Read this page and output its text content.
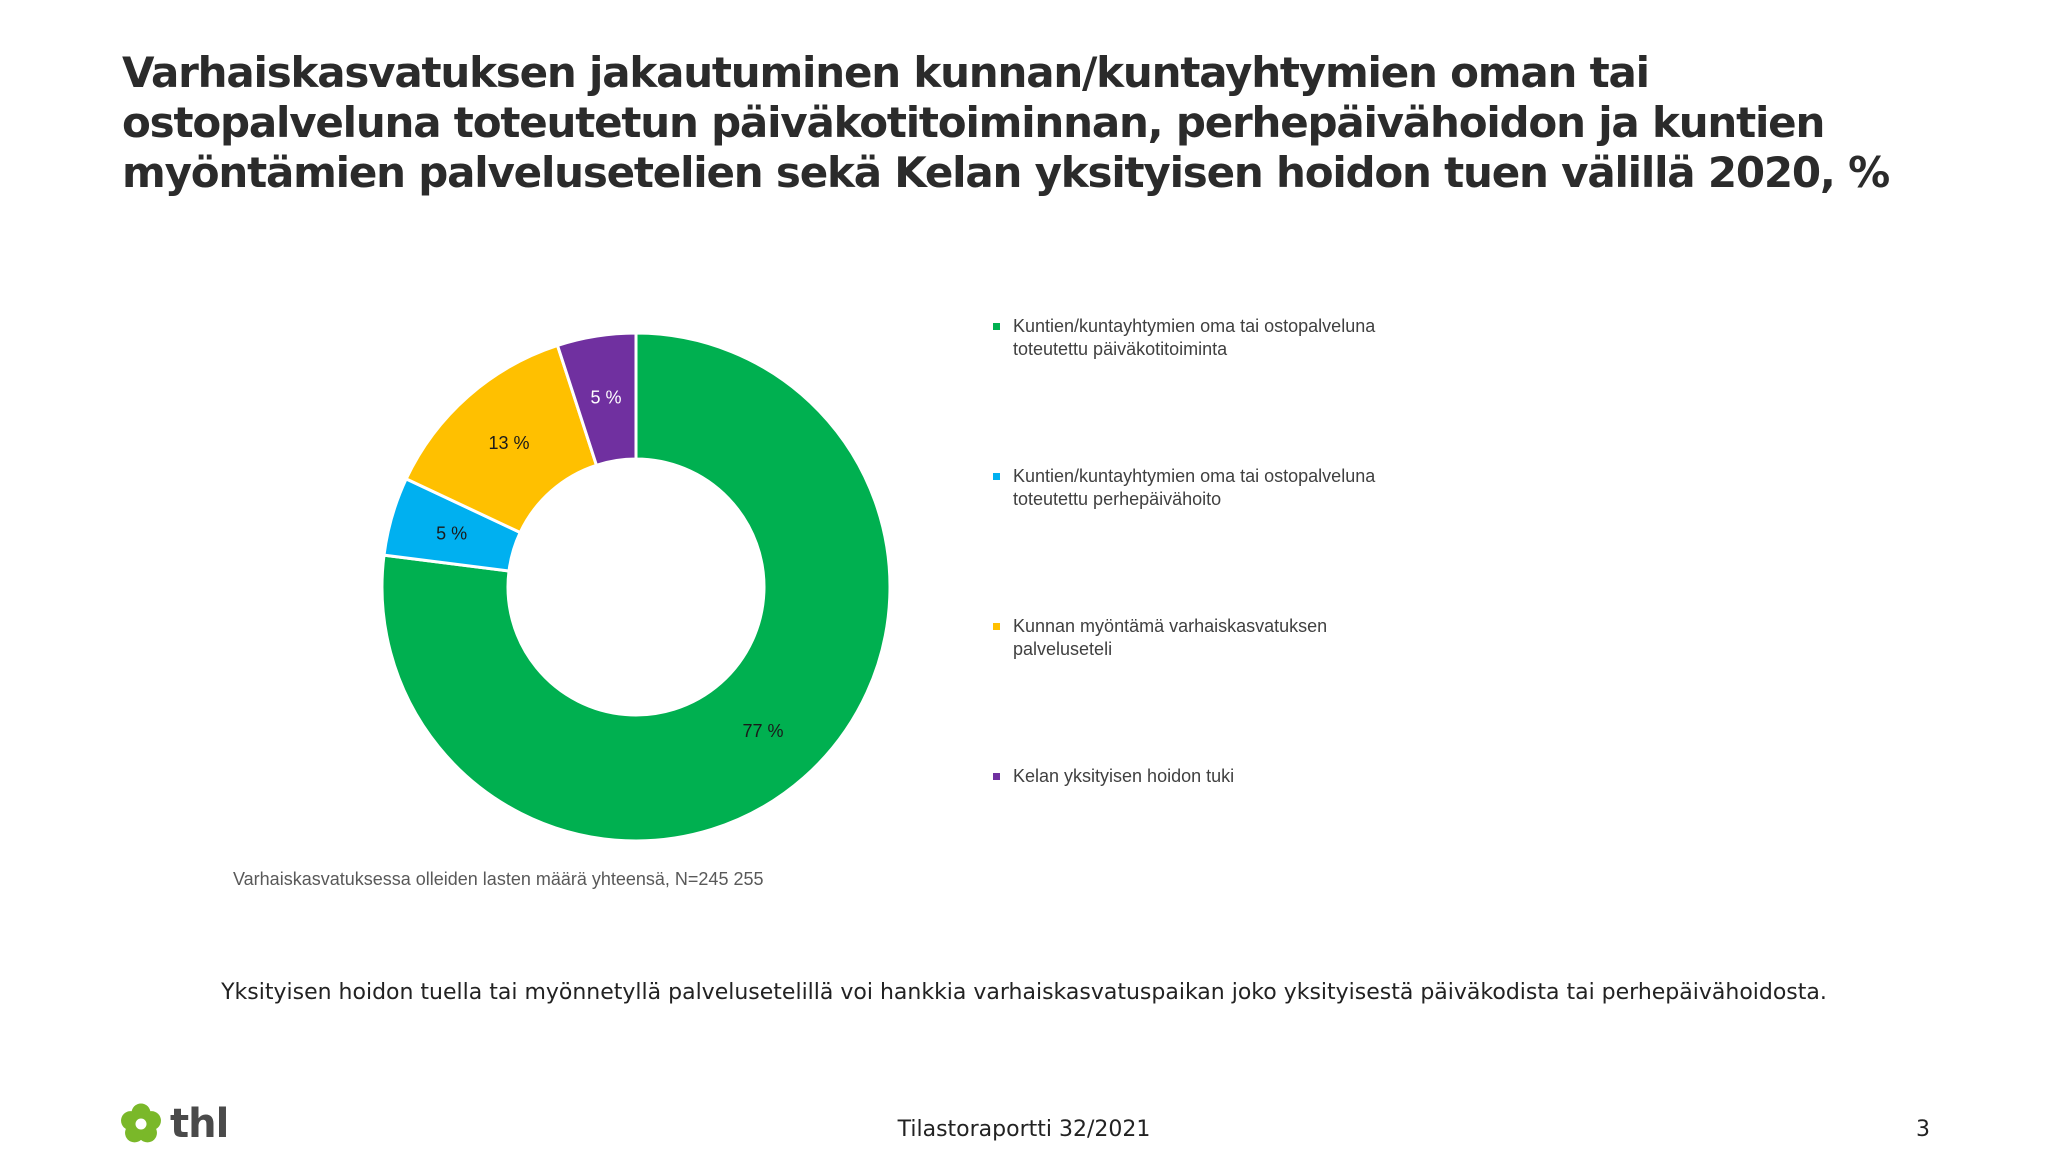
Varhaiskasvatuksen jakautuminen kunnan/kuntayhtymien oman tai ostopalveluna toteutetun päiväkotitoiminnan, perhepäivähoidon ja kuntien myöntämien palvelusetelien sekä Kelan yksityisen hoidon tuen välillä 2020, %
77 %
5 %
13 %
5 %
Kuntien/kuntayhtymien oma tai ostopalveluna
toteutettu päiväkotitoiminta
Kuntien/kuntayhtymien oma tai ostopalveluna
toteutettu perhepäivähoito
Kunnan myöntämä varhaiskasvatuksen
palveluseteli
Kelan yksityisen hoidon tuki
Varhaiskasvatuksessa olleiden lasten määrä yhteensä, N=245 255
Yksityisen hoidon tuella tai myönnetyllä palvelusetelillä voi hankkia varhaiskasvatuspaikan joko yksityisestä päiväkodista tai perhepäivähoidosta.
thl	Tilastoraportti 32/2021	3
